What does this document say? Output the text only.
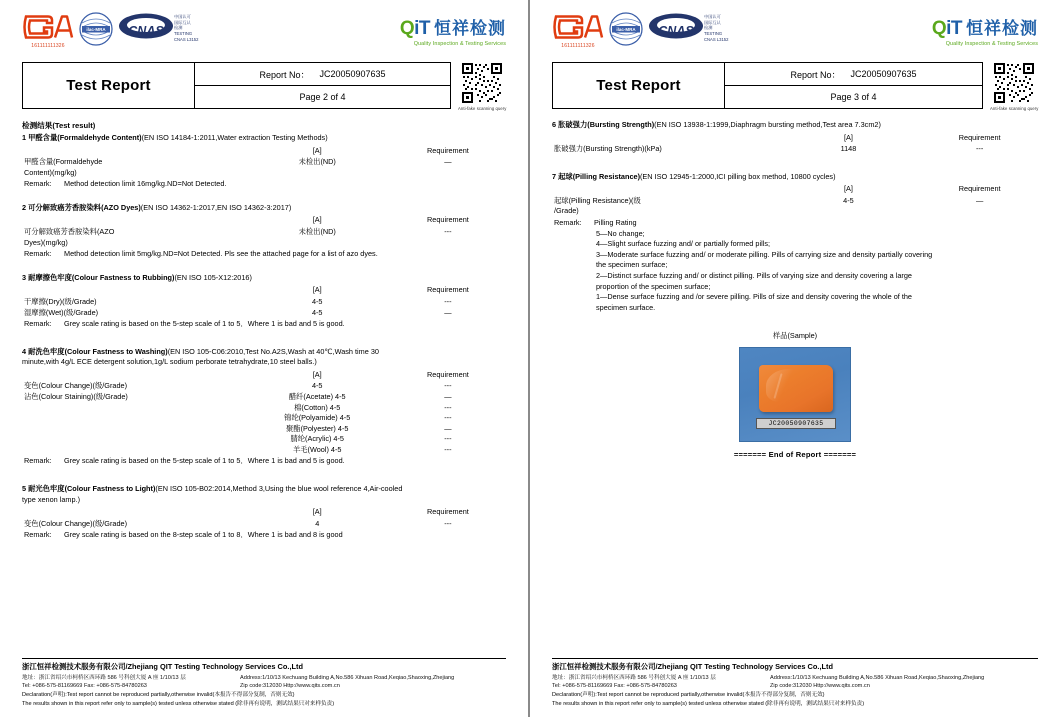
161111111326
ilac-MRA CNAS
中国认可
国际互认
检测
TESTING
CNAS L3152
Q iT 恒祥检测
Quality Inspection & Testing Services
Test Report
Report No： JC20050907635
Page 2 of 4
Anti-fake scanning query
检测结果(Test result)
1 甲醛含量(Formaldehyde Content)(EN ISO 14184-1:2011,Water extraction Testing Methods)
[A]	Requirement
甲醛含量(Formaldehyde
Content)(mg/kg)
未检出(ND)	—
Remark:	Method detection limit 16mg/kg.ND=Not Detected.
2 可分解致癌芳香胺染料(AZO Dyes)(EN ISO 14362-1:2017,EN ISO 14362-3:2017)
[A]	Requirement
可分解致癌芳香胺染料(AZO
Dyes)(mg/kg)
未检出(ND)	---
Remark:	Method detection limit 5mg/kg.ND=Not Detected. Pls see the attached page for a list of azo dyes.
3 耐摩擦色牢度(Colour Fastness to Rubbing)(EN ISO 105-X12:2016)
[A]	Requirement
干摩擦(Dry)(级/Grade)	4-5	---
湿摩擦(Wet)(级/Grade)	4-5	—
Remark:	Grey scale rating is based on the 5-step scale of 1 to 5．Where 1 is bad and 5 is good.
4 耐洗色牢度(Colour Fastness to Washing)(EN ISO 105-C06:2010,Test No.A2S,Wash at 40℃,Wash time 30
minute,with 4g/L ECE detergent solution,1g/L sodium perborate tetrahydrate,10 steel balls.)
[A]	Requirement
变色(Colour Change)(级/Grade)	4-5	---
沾色(Colour Staining)(级/Grade)	醋纤(Acetate) 4-5	—
棉(Cotton) 4-5	---
锦纶(Polyamide) 4-5	---
聚酯(Polyester) 4-5	—
腈纶(Acrylic) 4-5	---
羊毛(Wool) 4-5	---
Remark:	Grey scale rating is based on the 5-step scale of 1 to 5．Where 1 is bad and 5 is good.
5 耐光色牢度(Colour Fastness to Light)(EN ISO 105-B02:2014,Method 3,Using the blue wool reference 4,Air-cooled
type xenon lamp.)
[A]	Requirement
变色(Colour Change)(级/Grade)	4	---
Remark:	Grey scale rating is based on the 8-step scale of 1 to 8．Where 1 is bad and 8 is good
浙江恒祥检测技术服务有限公司/Zhejiang QIT Testing Technology Services Co.,Ltd
地址：浙江省绍兴市柯桥区西环路 586 号科创大厦 A 座 1/10/13 层	Address:1/10/13 Kechuang Building A,No.586 Xihuan Road,Keqiao,Shaoxing,Zhejiang
Tel: +086-575-81169669 Fax: +086-575-84780263	Zip code:312030 Http://www.qits.com.cn
Declaration(声明):Test report cannot be reproduced partially,otherwise invalid(本报告不得部分复制，否则无效)
The results shown in this report refer only to sample(s) tested unless otherwise stated (除非再有说明，测试结果只对来样负责)
161111111326
ilac-MRA CNAS
中国认可
国际互认
检测
TESTING
CNAS L3152
Q iT 恒祥检测
Quality Inspection & Testing Services
Test Report
Report No： JC20050907635
Page 3 of 4
Anti-fake scanning query
6 胀破强力(Bursting Strength)(EN ISO 13938-1:1999,Diaphragm bursting method,Test area 7.3cm2)
[A]	Requirement
胀破强力(Bursting Strength)(kPa)	1148	---
7 起球(Pilling Resistance)(EN ISO 12945-1:2000,ICI pilling box method, 10800 cycles)
[A]	Requirement
起球(Pilling Resistance)(级
/Grade)
4-5	—
Remark:	Pilling Rating
5—No change;
4—Slight surface fuzzing and/ or partially formed pills;
3—Moderate surface fuzzing and/ or moderate pilling. Pills of carrying size and density partially covering
the specimen surface;
2—Distinct surface fuzzing and/ or distinct pilling. Pills of varying size and density covering a large
proportion of the specimen surface;
1—Dense surface fuzzing and /or severe pilling. Pills of size and density covering the whole of the
specimen surface.
样品(Sample)
JC20050907635
======= End of Report =======
浙江恒祥检测技术服务有限公司/Zhejiang QIT Testing Technology Services Co.,Ltd
地址：浙江省绍兴市柯桥区西环路 586 号科创大厦 A 座 1/10/13 层	Address:1/10/13 Kechuang Building A,No.586 Xihuan Road,Keqiao,Shaoxing,Zhejiang
Tel: +086-575-81169669 Fax: +086-575-84780263	Zip code:312030 Http://www.qits.com.cn
Declaration(声明):Test report cannot be reproduced partially,otherwise invalid(本报告不得部分复制，否则无效)
The results shown in this report refer only to sample(s) tested unless otherwise stated (除非再有说明，测试结果只对来样负责)
